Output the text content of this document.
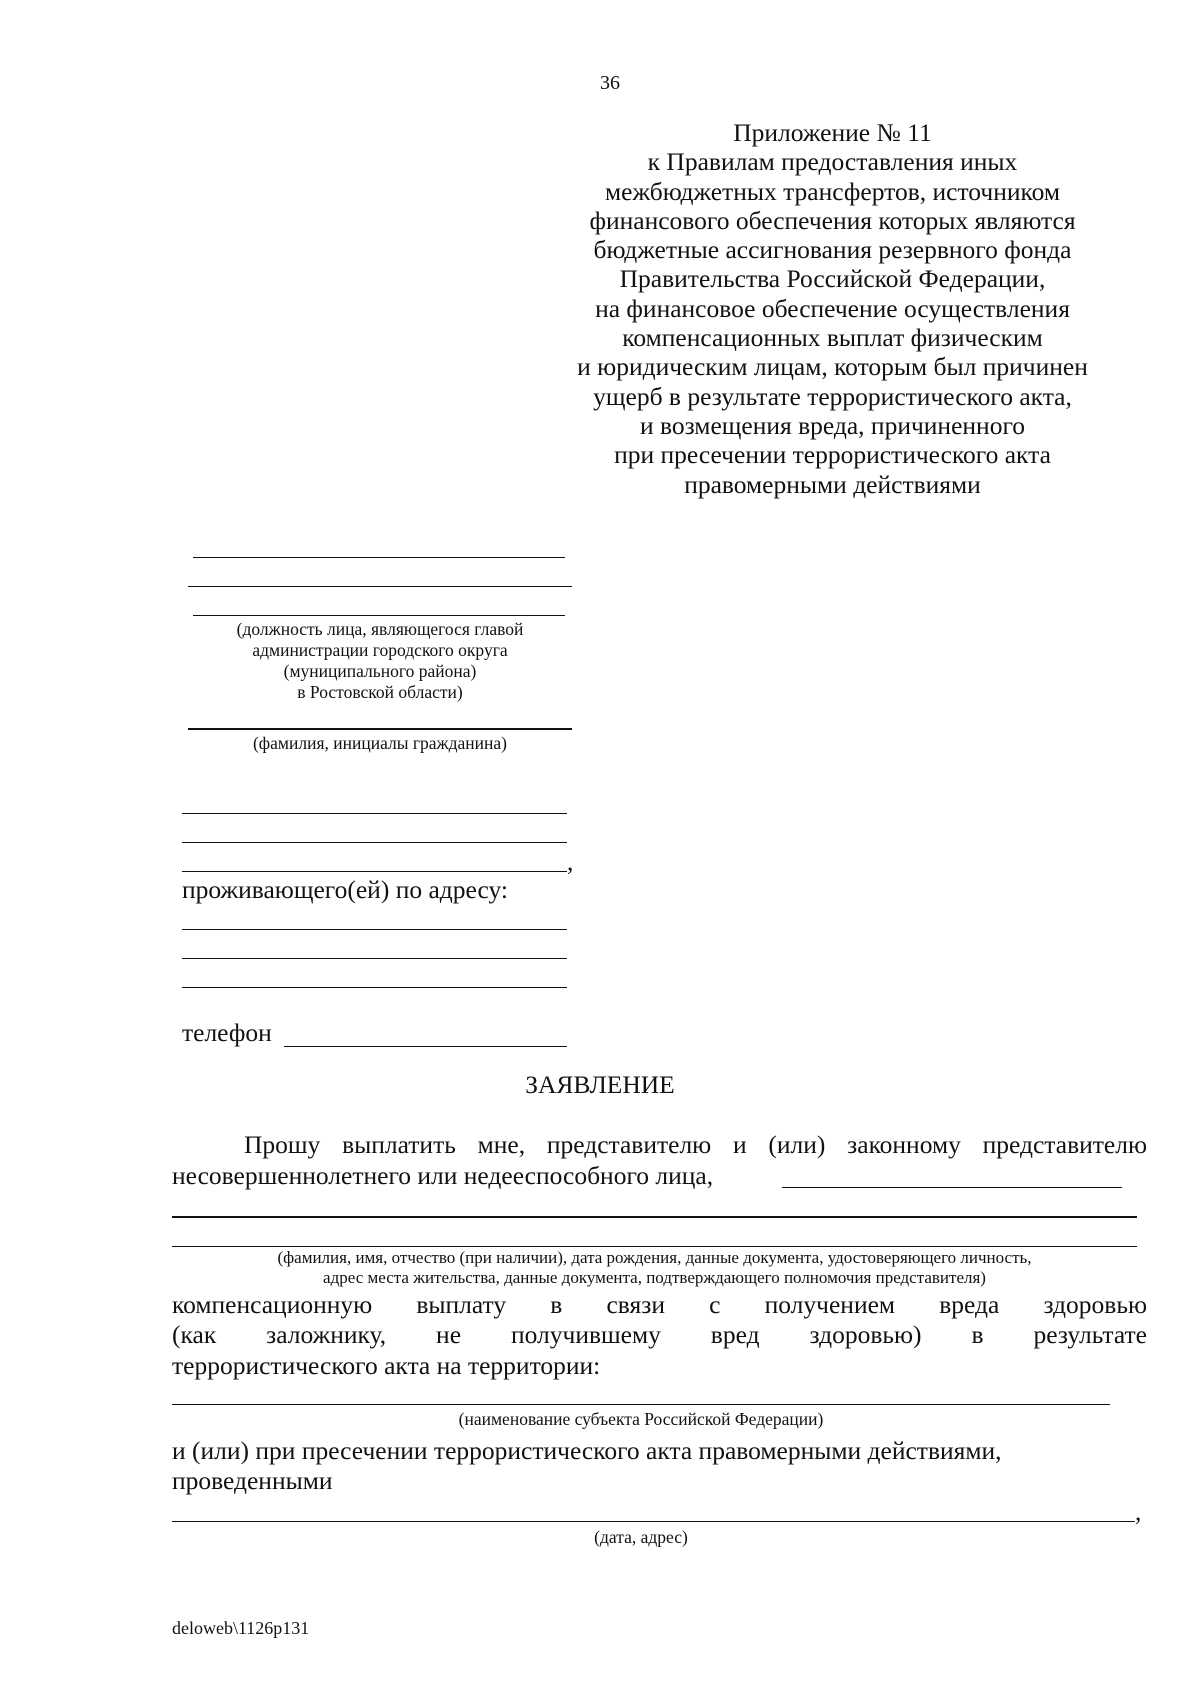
36
Приложение № 11
к Правилам предоставления иных
межбюджетных трансфертов, источником
финансового обеспечения которых являются
бюджетные ассигнования резервного фонда
Правительства Российской Федерации,
на финансовое обеспечение осуществления
компенсационных выплат физическим
и юридическим лицам, которым был причинен
ущерб в результате террористического акта,
и возмещения вреда, причиненного
при пресечении террористического акта
правомерными действиями
(должность лица, являющегося главой
администрации городского округа
(муниципального района)
в Ростовской области)
(фамилия, инициалы гражданина)
,
проживающего(ей) по адресу:
телефон
ЗАЯВЛЕНИЕ
Прошу выплатить мне, представителю и (или) законному представителю
несовершеннолетнего или недееспособного лица,
(фамилия, имя, отчество (при наличии), дата рождения, данные документа, удостоверяющего личность,
адрес места жительства, данные документа, подтверждающего полномочия представителя)
компенсационную выплату в связи с получением вреда здоровью
(как заложнику, не получившему вред здоровью) в результате
террористического акта на территории:
(наименование субъекта Российской Федерации)
и (или) при пресечении террористического акта правомерными действиями,
проведенными
,
(дата, адрес)
deloweb\1126p131
